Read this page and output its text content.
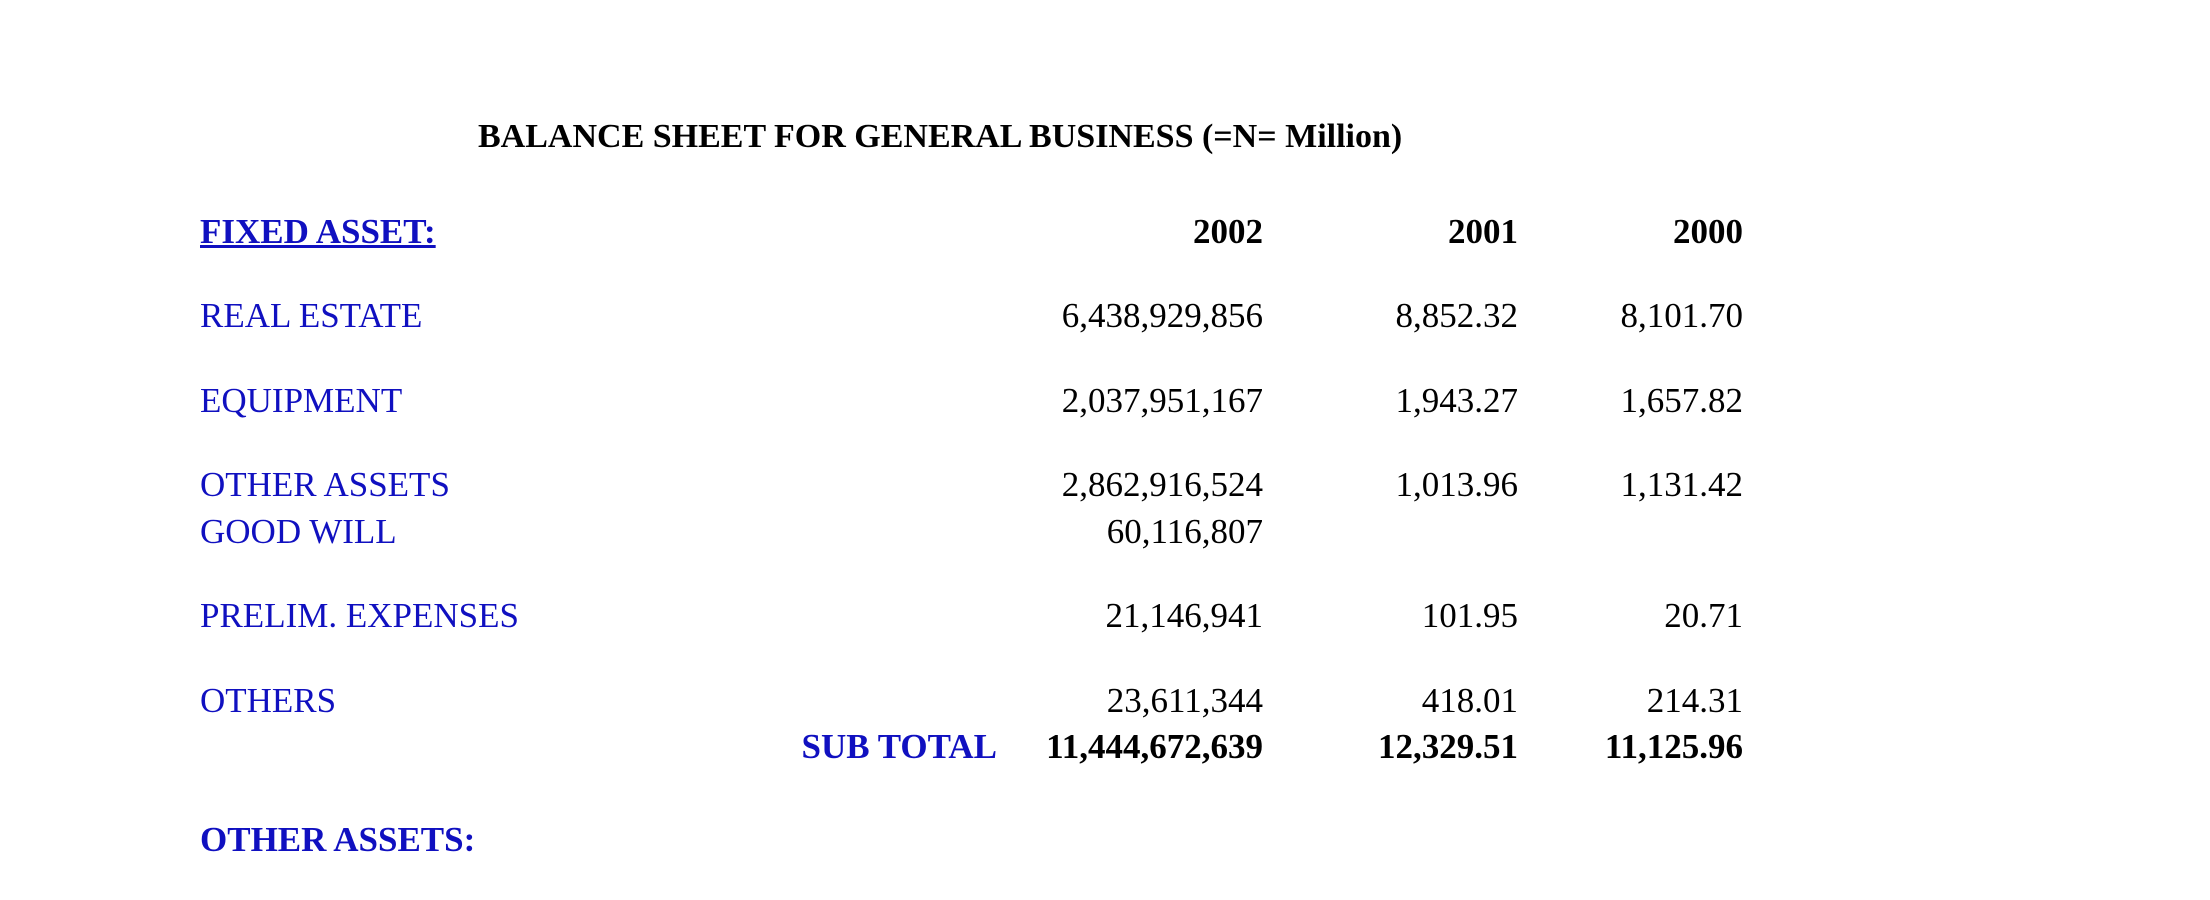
BALANCE SHEET FOR GENERAL BUSINESS (=N= Million)
FIXED ASSET:	2002	2001	2000
REAL ESTATE	6,438,929,856	8,852.32	8,101.70
EQUIPMENT	2,037,951,167	1,943.27	1,657.82
OTHER ASSETS	2,862,916,524	1,013.96	1,131.42
GOOD WILL	60,116,807
PRELIM. EXPENSES	21,146,941	101.95	20.71
OTHERS	23,611,344	418.01	214.31
SUB TOTAL 11,444,672,639	12,329.51 11,125.96
OTHER ASSETS:
